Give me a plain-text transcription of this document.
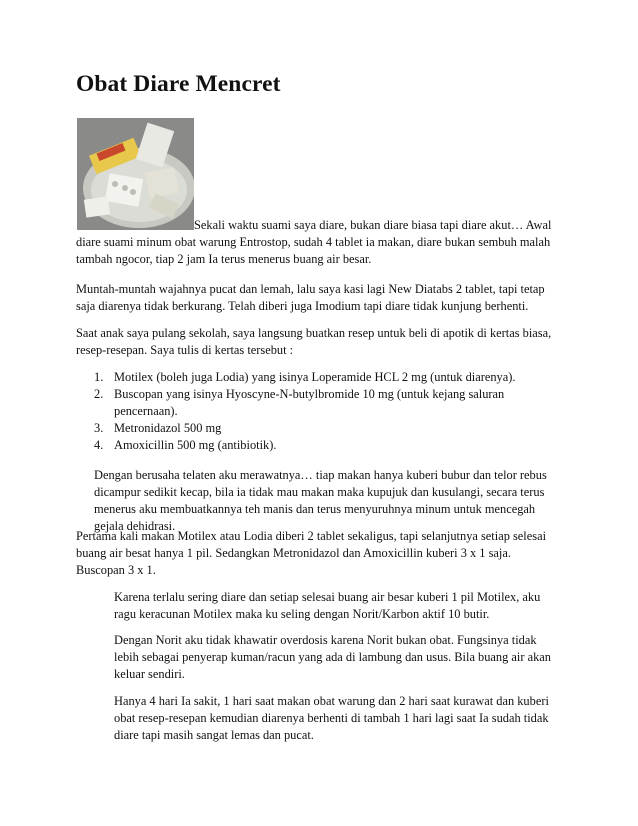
Obat Diare Mencret
Sekali waktu suami saya diare, bukan diare biasa tapi diare akut… Awal
diare suami minum obat warung Entrostop, sudah 4 tablet ia makan, diare bukan sembuh malah
tambah ngocor, tiap 2 jam Ia terus menerus buang air besar.
Muntah-muntah wajahnya pucat dan lemah, lalu saya kasi lagi New Diatabs 2 tablet, tapi tetap
saja diarenya tidak berkurang. Telah diberi juga Imodium tapi diare tidak kunjung berhenti.
Saat anak saya pulang sekolah, saya langsung buatkan resep untuk beli di apotik di kertas biasa,
resep-resepan. Saya tulis di kertas tersebut :
1. Motilex (boleh juga Lodia) yang isinya Loperamide HCL 2 mg (untuk diarenya).
2. Buscopan yang isinya Hyoscyne-N-butylbromide 10 mg (untuk kejang saluran
pencernaan).
3. Metronidazol 500 mg
4. Amoxicillin 500 mg (antibiotik).
Dengan berusaha telaten aku merawatnya… tiap makan hanya kuberi bubur dan telor rebus
dicampur sedikit kecap, bila ia tidak mau makan maka kupujuk dan kusulangi, secara terus
menerus aku membuatkannya teh manis dan terus menyuruhnya minum untuk mencegah
gejala dehidrasi.
Pertama kali makan Motilex atau Lodia diberi 2 tablet sekaligus, tapi selanjutnya setiap selesai
buang air besat hanya 1 pil. Sedangkan Metronidazol dan Amoxicillin kuberi 3 x 1 saja.
Buscopan 3 x 1.
Karena terlalu sering diare dan setiap selesai buang air besar kuberi 1 pil Motilex, aku
ragu keracunan Motilex maka ku seling dengan Norit/Karbon aktif 10 butir.
Dengan Norit aku tidak khawatir overdosis karena Norit bukan obat. Fungsinya tidak
lebih sebagai penyerap kuman/racun yang ada di lambung dan usus. Bila buang air akan
keluar sendiri.
Hanya 4 hari Ia sakit, 1 hari saat makan obat warung dan 2 hari saat kurawat dan kuberi
obat resep-resepan kemudian diarenya berhenti di tambah 1 hari lagi saat Ia sudah tidak
diare tapi masih sangat lemas dan pucat.
